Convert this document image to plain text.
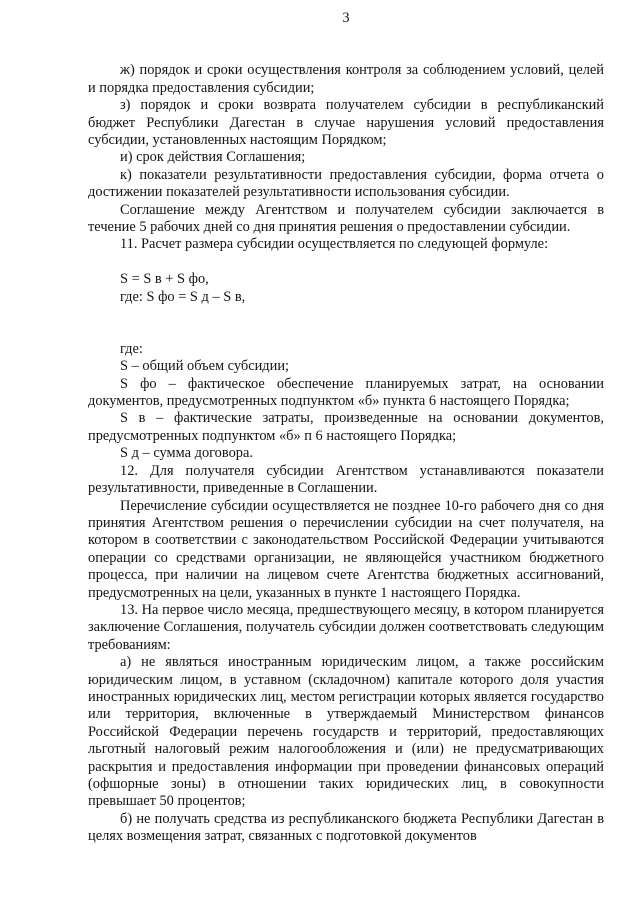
3

ж) порядок и сроки осуществления контроля за соблюдением условий, целей и порядка предоставления субсидии;

з) порядок и сроки возврата получателем субсидии в республиканский бюджет Республики Дагестан в случае нарушения условий предоставления субсидии, установленных настоящим Порядком;

и) срок действия Соглашения;

к) показатели результативности предоставления субсидии, форма отчета о достижении показателей результативности использования субсидии.

Соглашение между Агентством и получателем субсидии заключается в течение 5 рабочих дней со дня принятия решения о предоставлении субсидии.

11. Расчет размера субсидии осуществляется по следующей формуле:

S = S в + S фо,

где: S фо = S д – S в,

где:

S – общий объем субсидии;

S фо – фактическое обеспечение планируемых затрат, на основании документов, предусмотренных подпунктом «б» пункта 6 настоящего Порядка;

S в – фактические затраты, произведенные на основании документов, предусмотренных подпунктом «б» п 6 настоящего Порядка;

S д – сумма договора.

12. Для получателя субсидии Агентством устанавливаются показатели результативности, приведенные в Соглашении.

Перечисление субсидии осуществляется не позднее 10-го рабочего дня со дня принятия Агентством решения о перечислении субсидии на счет получателя, на котором в соответствии с законодательством Российской Федерации учитываются операции со средствами организации, не являющейся участником бюджетного процесса, при наличии на лицевом счете Агентства бюджетных ассигнований, предусмотренных на цели, указанных в пункте 1 настоящего Порядка.

13. На первое число месяца, предшествующего месяцу, в котором планируется заключение Соглашения, получатель субсидии должен соответствовать следующим требованиям:

а) не являться иностранным юридическим лицом, а также российским юридическим лицом, в уставном (складочном) капитале которого доля участия иностранных юридических лиц, местом регистрации которых является государство или территория, включенные в утверждаемый Министерством финансов Российской Федерации перечень государств и территорий, предоставляющих льготный налоговый режим налогообложения и (или) не предусматривающих раскрытия и предоставления информации при проведении финансовых операций (офшорные зоны) в отношении таких юридических лиц, в совокупности превышает 50 процентов;

б) не получать средства из республиканского бюджета Республики Дагестан в целях возмещения затрат, связанных с подготовкой документов
